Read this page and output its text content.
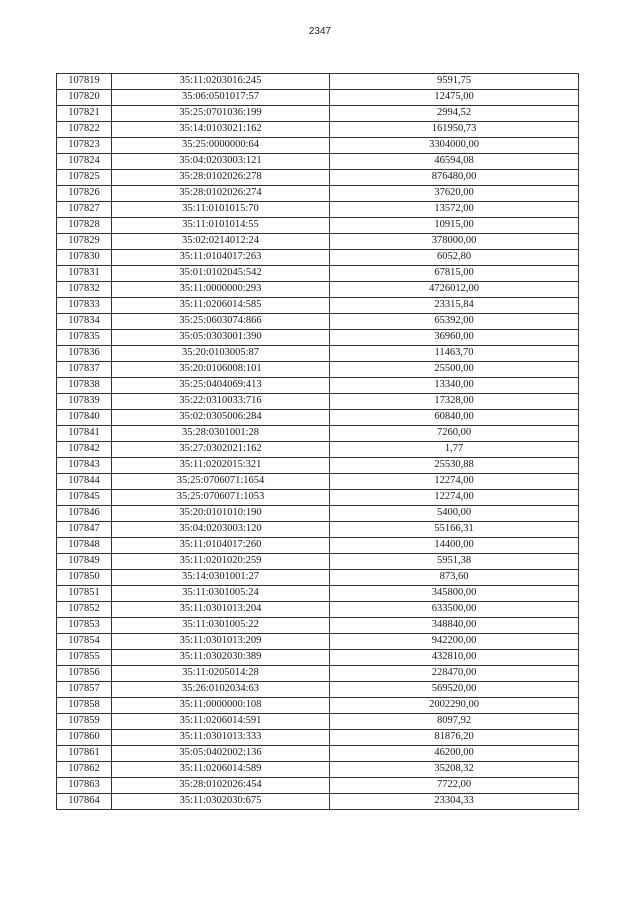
2347
107819	35:11:0203016:245	9591,75
107820	35:06:0501017:57	12475,00
107821	35:25:0701036:199	2994,52
107822	35:14:0103021:162	161950,73
107823	35:25:0000000:64	3304000,00
107824	35:04:0203003:121	46594,08
107825	35:28:0102026:278	876480,00
107826	35:28:0102026:274	37620,00
107827	35:11:0101015:70	13572,00
107828	35:11:0101014:55	10915,00
107829	35:02:0214012:24	378000,00
107830	35:11:0104017:263	6052,80
107831	35:01:0102045:542	67815,00
107832	35:11:0000000:293	4726012,00
107833	35:11:0206014:585	23315,84
107834	35:25:0603074:866	65392,00
107835	35:05:0303001:390	36960,00
107836	35:20:0103005:87	11463,70
107837	35:20:0106008:101	25500,00
107838	35:25:0404069:413	13340,00
107839	35:22:0310033:716	17328,00
107840	35:02:0305006:284	60840,00
107841	35:28:0301001:28	7260,00
107842	35:27:0302021:162	1,77
107843	35:11:0202015:321	25530,88
107844	35:25:0706071:1654	12274,00
107845	35:25:0706071:1053	12274,00
107846	35:20:0101010:190	5400,00
107847	35:04:0203003:120	55166,31
107848	35:11:0104017:260	14400,00
107849	35:11:0201020:259	5951,38
107850	35:14:0301001:27	873,60
107851	35:11:0301005:24	345800,00
107852	35:11:0301013:204	633500,00
107853	35:11:0301005:22	348840,00
107854	35:11:0301013:209	942200,00
107855	35:11:0302030:389	432810,00
107856	35:11:0205014:28	228470,00
107857	35:26:0102034:63	569520,00
107858	35:11:0000000:108	2002290,00
107859	35:11:0206014:591	8097,92
107860	35:11:0301013:333	81876,20
107861	35:05:0402002:136	46200,00
107862	35:11:0206014:589	35208,32
107863	35:28:0102026:454	7722,00
107864	35:11:0302030:675	23304,33
